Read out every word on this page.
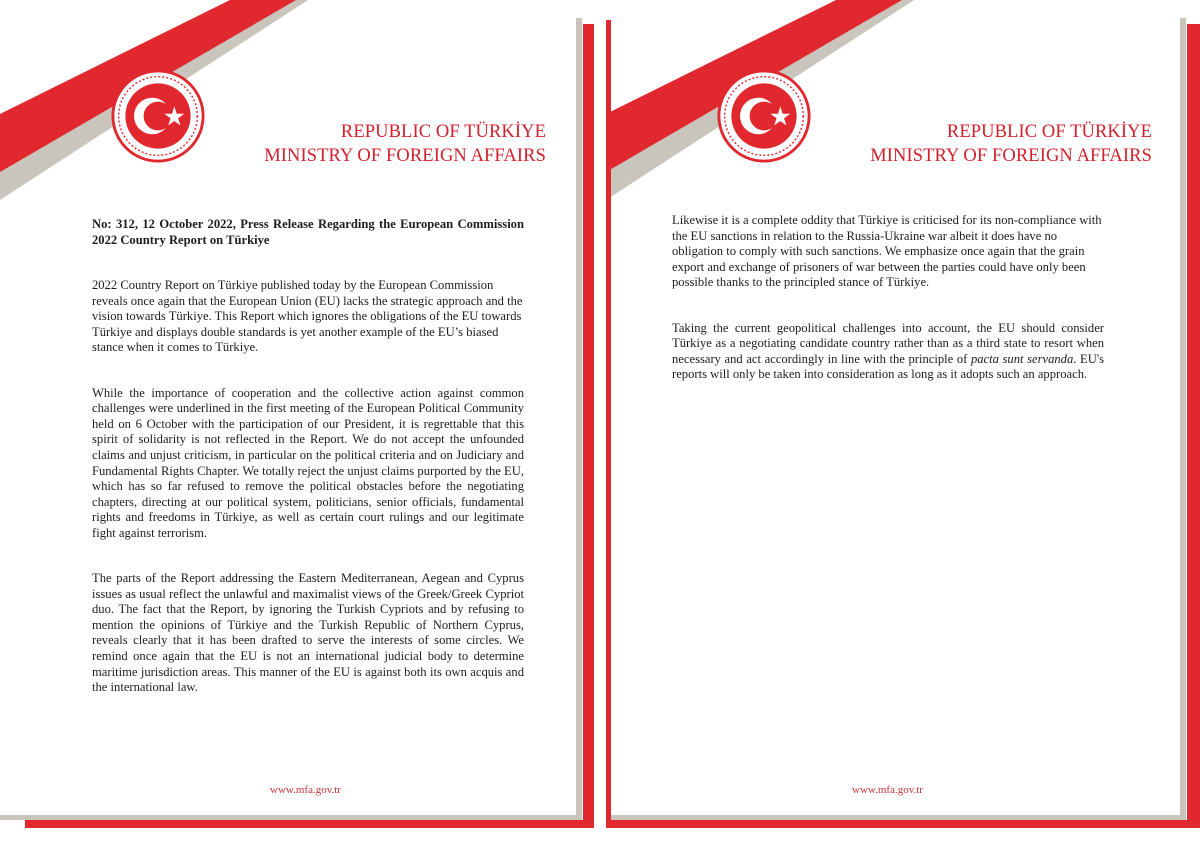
REPUBLIC OF TÜRKİYE
MINISTRY OF FOREIGN AFFAIRS

No: 312, 12 October 2022, Press Release Regarding the European Commission 2022 Country Report on Türkiye

2022 Country Report on Türkiye published today by the European Commission reveals once again that the European Union (EU) lacks the strategic approach and the vision towards Türkiye. This Report which ignores the obligations of the EU towards Türkiye and displays double standards is yet another example of the EU’s biased stance when it comes to Türkiye.

While the importance of cooperation and the collective action against common challenges were underlined in the first meeting of the European Political Community held on 6 October with the participation of our President, it is regrettable that this spirit of solidarity is not reflected in the Report. We do not accept the unfounded claims and unjust criticism, in particular on the political criteria and on Judiciary and Fundamental Rights Chapter. We totally reject the unjust claims purported by the EU, which has so far refused to remove the political obstacles before the negotiating chapters, directing at our political system, politicians, senior officials, fundamental rights and freedoms in Türkiye, as well as certain court rulings and our legitimate fight against terrorism.

The parts of the Report addressing the Eastern Mediterranean, Aegean and Cyprus issues as usual reflect the unlawful and maximalist views of the Greek/Greek Cypriot duo. The fact that the Report, by ignoring the Turkish Cypriots and by refusing to mention the opinions of Türkiye and the Turkish Republic of Northern Cyprus, reveals clearly that it has been drafted to serve the interests of some circles. We remind once again that the EU is not an international judicial body to determine maritime jurisdiction areas. This manner of the EU is against both its own acquis and the international law.

www.mfa.gov.tr
REPUBLIC OF TÜRKİYE
MINISTRY OF FOREIGN AFFAIRS

Likewise it is a complete oddity that Türkiye is criticised for its non-compliance with the EU sanctions in relation to the Russia-Ukraine war albeit it does have no obligation to comply with such sanctions. We emphasize once again that the grain export and exchange of prisoners of war between the parties could have only been possible thanks to the principled stance of Türkiye.

Taking the current geopolitical challenges into account, the EU should consider Türkiye as a negotiating candidate country rather than as a third state to resort when necessary and act accordingly in line with the principle of pacta sunt servanda. EU's reports will only be taken into consideration as long as it adopts such an approach.

www.mfa.gov.tr
